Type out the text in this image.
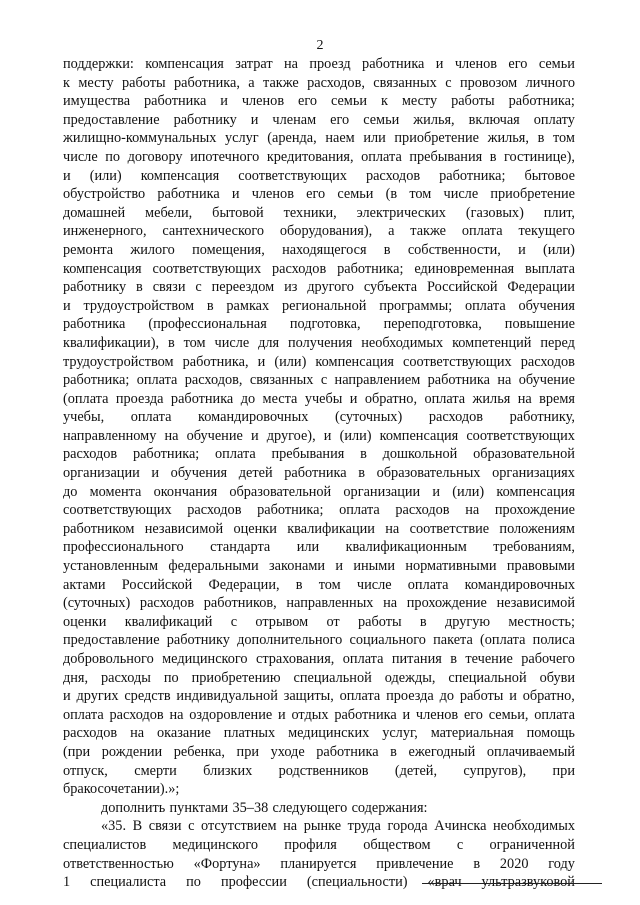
2
поддержки: компенсация затрат на проезд работника и членов его семьи
к месту работы работника, а также расходов, связанных с провозом личного
имущества работника и членов его семьи к месту работы работника;
предоставление работнику и членам его семьи жилья, включая оплату
жилищно-коммунальных услуг (аренда, наем или приобретение жилья, в том
числе по договору ипотечного кредитования, оплата пребывания в гостинице),
и (или) компенсация соответствующих расходов работника; бытовое
обустройство работника и членов его семьи (в том числе приобретение
домашней мебели, бытовой техники, электрических (газовых) плит,
инженерного, сантехнического оборудования), а также оплата текущего
ремонта жилого помещения, находящегося в собственности, и (или)
компенсация соответствующих расходов работника; единовременная выплата
работнику в связи с переездом из другого субъекта Российской Федерации
и трудоустройством в рамках региональной программы; оплата обучения
работника (профессиональная подготовка, переподготовка, повышение
квалификации), в том числе для получения необходимых компетенций перед
трудоустройством работника, и (или) компенсация соответствующих расходов
работника; оплата расходов, связанных с направлением работника на обучение
(оплата проезда работника до места учебы и обратно, оплата жилья на время
учебы, оплата командировочных (суточных) расходов работнику,
направленному на обучение и другое), и (или) компенсация соответствующих
расходов работника; оплата пребывания в дошкольной образовательной
организации и обучения детей работника в образовательных организациях
до момента окончания образовательной организации и (или) компенсация
соответствующих расходов работника; оплата расходов на прохождение
работником независимой оценки квалификации на соответствие положениям
профессионального стандарта или квалификационным требованиям,
установленным федеральными законами и иными нормативными правовыми
актами Российской Федерации, в том числе оплата командировочных
(суточных) расходов работников, направленных на прохождение независимой
оценки квалификаций с отрывом от работы в другую местность;
предоставление работнику дополнительного социального пакета (оплата полиса
добровольного медицинского страхования, оплата питания в течение рабочего
дня, расходы по приобретению специальной одежды, специальной обуви
и других средств индивидуальной защиты, оплата проезда до работы и обратно,
оплата расходов на оздоровление и отдых работника и членов его семьи, оплата
расходов на оказание платных медицинских услуг, материальная помощь
(при рождении ребенка, при уходе работника в ежегодный оплачиваемый
отпуск, смерти близких родственников (детей, супругов), при
бракосочетании).»;
дополнить пунктами 35–38 следующего содержания:
«35. В связи с отсутствием на рынке труда города Ачинска необходимых
специалистов медицинского профиля обществом с ограниченной
ответственностью «Фортуна» планируется привлечение в 2020 году
1 специалиста по профессии (специальности) «врач ультразвуковой
